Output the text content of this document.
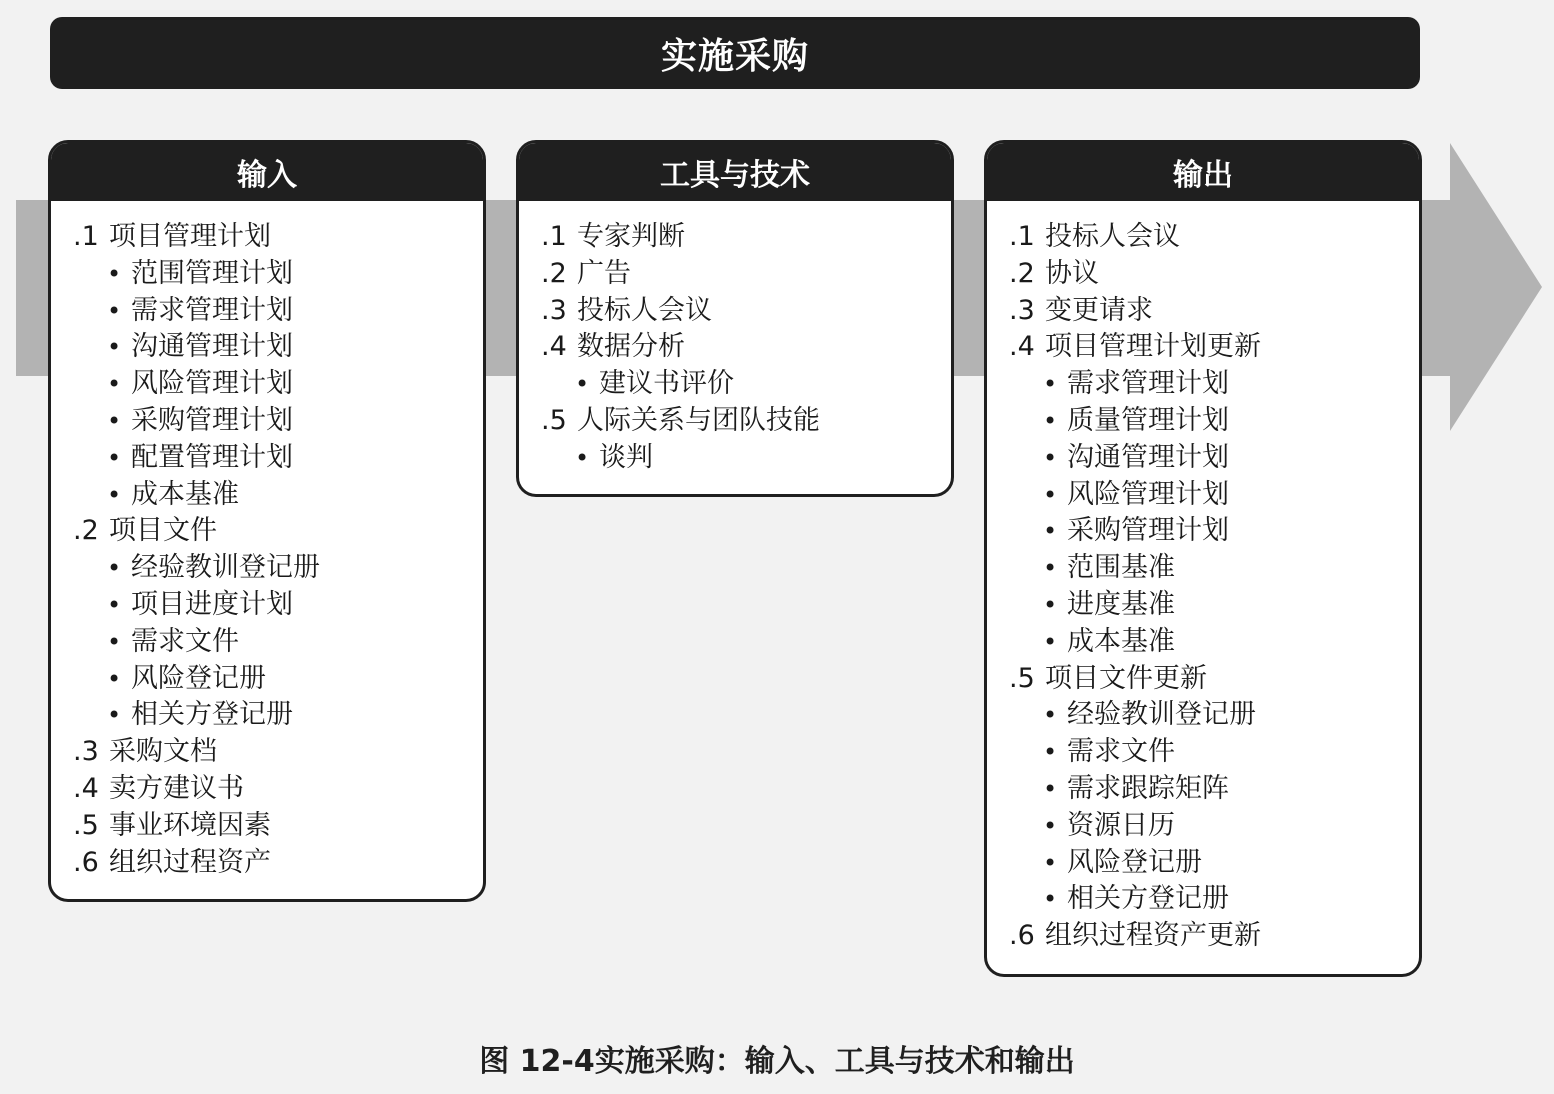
实施采购
输入
.1 项目管理计划
• 范围管理计划
• 需求管理计划
• 沟通管理计划
• 风险管理计划
• 采购管理计划
• 配置管理计划
• 成本基准
.2 项目文件
• 经验教训登记册
• 项目进度计划
• 需求文件
• 风险登记册
• 相关方登记册
.3 采购文档
.4 卖方建议书
.5 事业环境因素
.6 组织过程资产
工具与技术
.1 专家判断
.2 广告
.3 投标人会议
.4 数据分析
• 建议书评价
.5 人际关系与团队技能
• 谈判
输出
.1 投标人会议
.2 协议
.3 变更请求
.4 项目管理计划更新
• 需求管理计划
• 质量管理计划
• 沟通管理计划
• 风险管理计划
• 采购管理计划
• 范围基准
• 进度基准
• 成本基准
.5 项目文件更新
• 经验教训登记册
• 需求文件
• 需求跟踪矩阵
• 资源日历
• 风险登记册
• 相关方登记册
.6 组织过程资产更新
图 12-4实施采购：输入、工具与技术和输出
